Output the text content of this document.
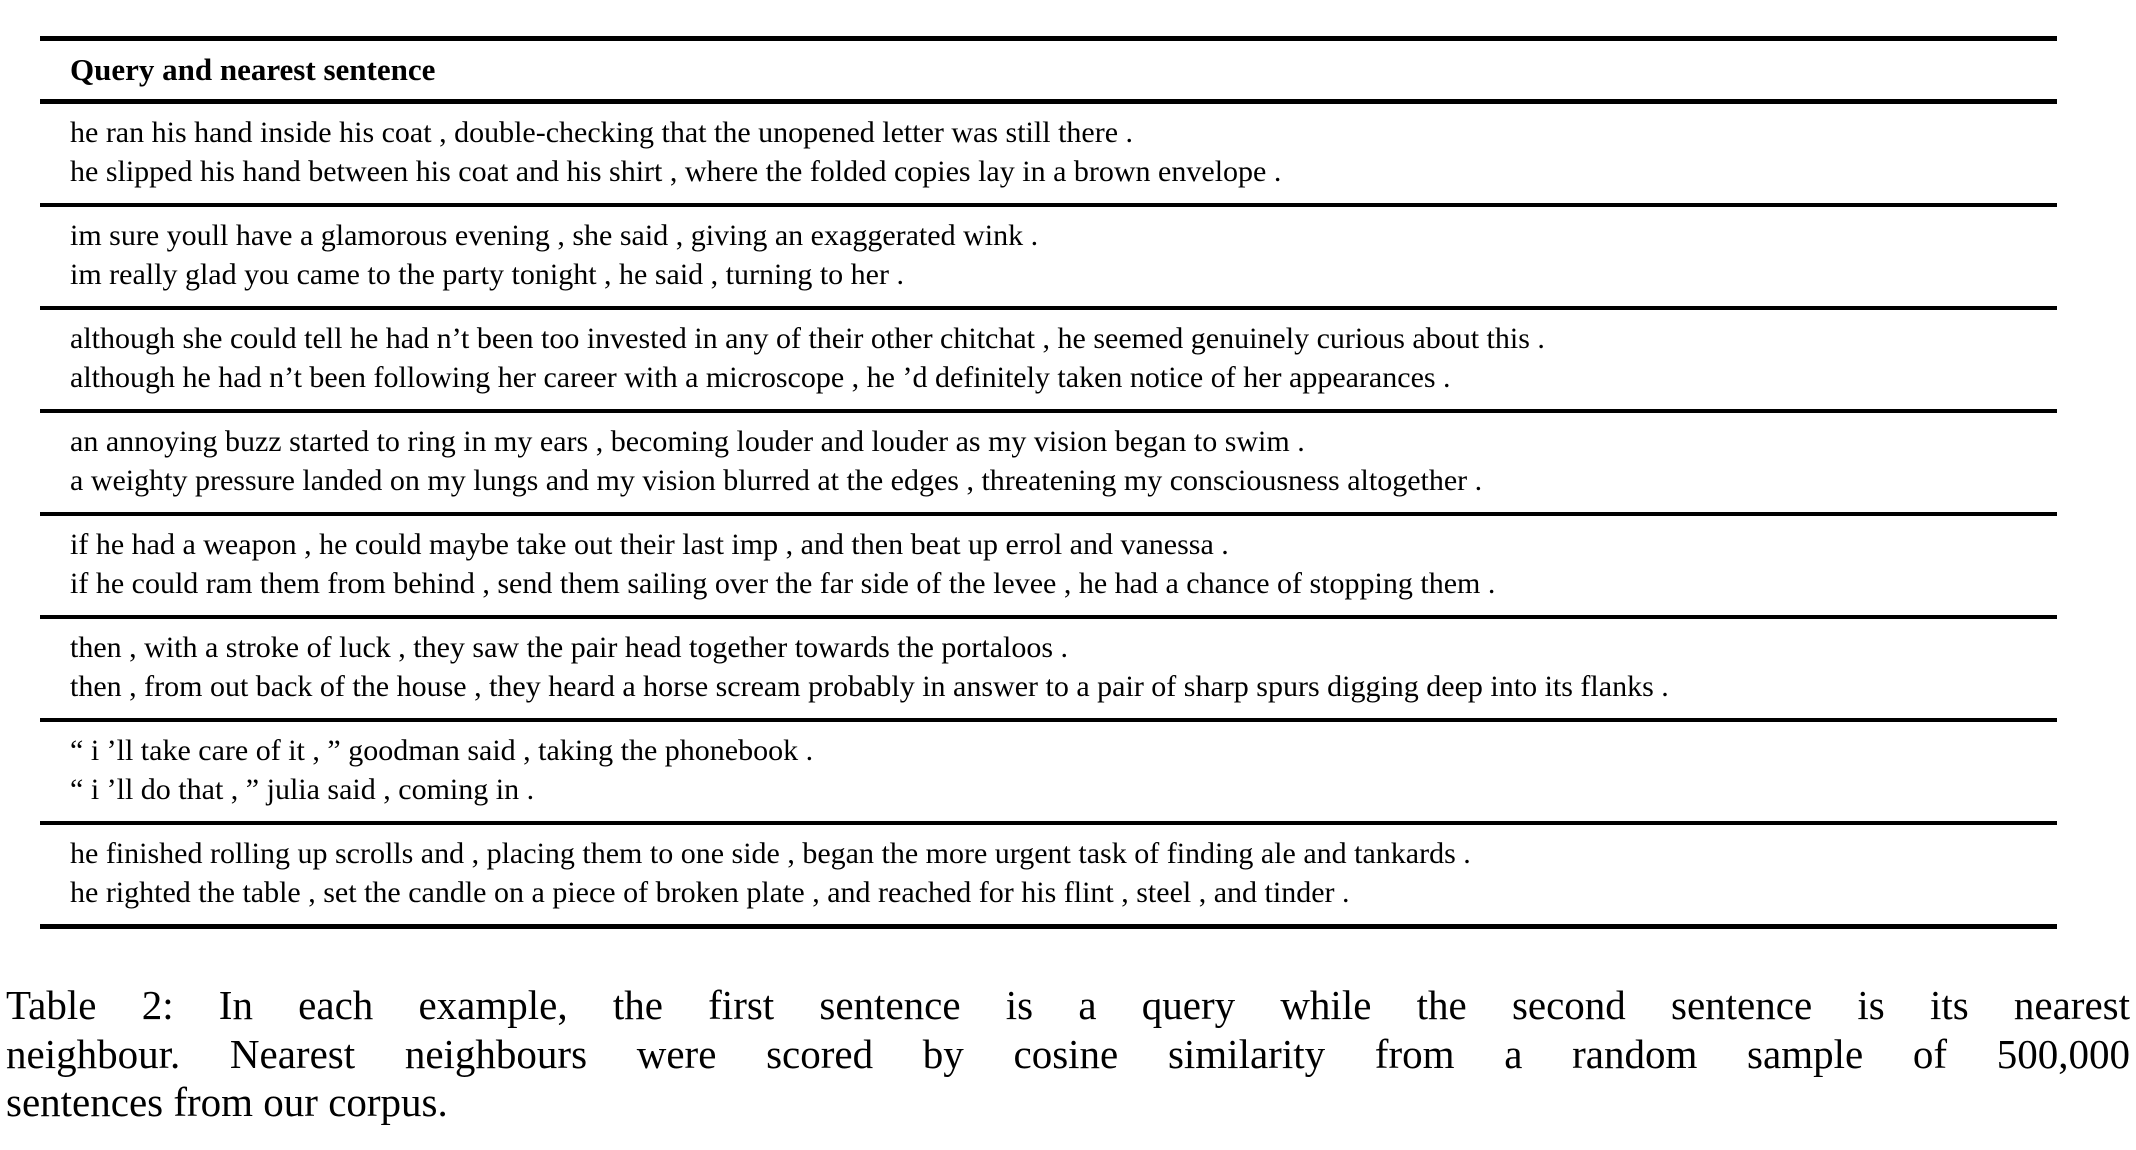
Query and nearest sentence
he ran his hand inside his coat , double-checking that the unopened letter was still there .
he slipped his hand between his coat and his shirt , where the folded copies lay in a brown envelope .
im sure youll have a glamorous evening , she said , giving an exaggerated wink .
im really glad you came to the party tonight , he said , turning to her .
although she could tell he had n’t been too invested in any of their other chitchat , he seemed genuinely curious about this .
although he had n’t been following her career with a microscope , he ’d definitely taken notice of her appearances .
an annoying buzz started to ring in my ears , becoming louder and louder as my vision began to swim .
a weighty pressure landed on my lungs and my vision blurred at the edges , threatening my consciousness altogether .
if he had a weapon , he could maybe take out their last imp , and then beat up errol and vanessa .
if he could ram them from behind , send them sailing over the far side of the levee , he had a chance of stopping them .
then , with a stroke of luck , they saw the pair head together towards the portaloos .
then , from out back of the house , they heard a horse scream probably in answer to a pair of sharp spurs digging deep into its flanks .
“ i ’ll take care of it , ” goodman said , taking the phonebook .
“ i ’ll do that , ” julia said , coming in .
he finished rolling up scrolls and , placing them to one side , began the more urgent task of finding ale and tankards .
he righted the table , set the candle on a piece of broken plate , and reached for his flint , steel , and tinder .
Table 2: In each example, the first sentence is a query while the second sentence is its nearest
neighbour. Nearest neighbours were scored by cosine similarity from a random sample of 500,000
sentences from our corpus.
